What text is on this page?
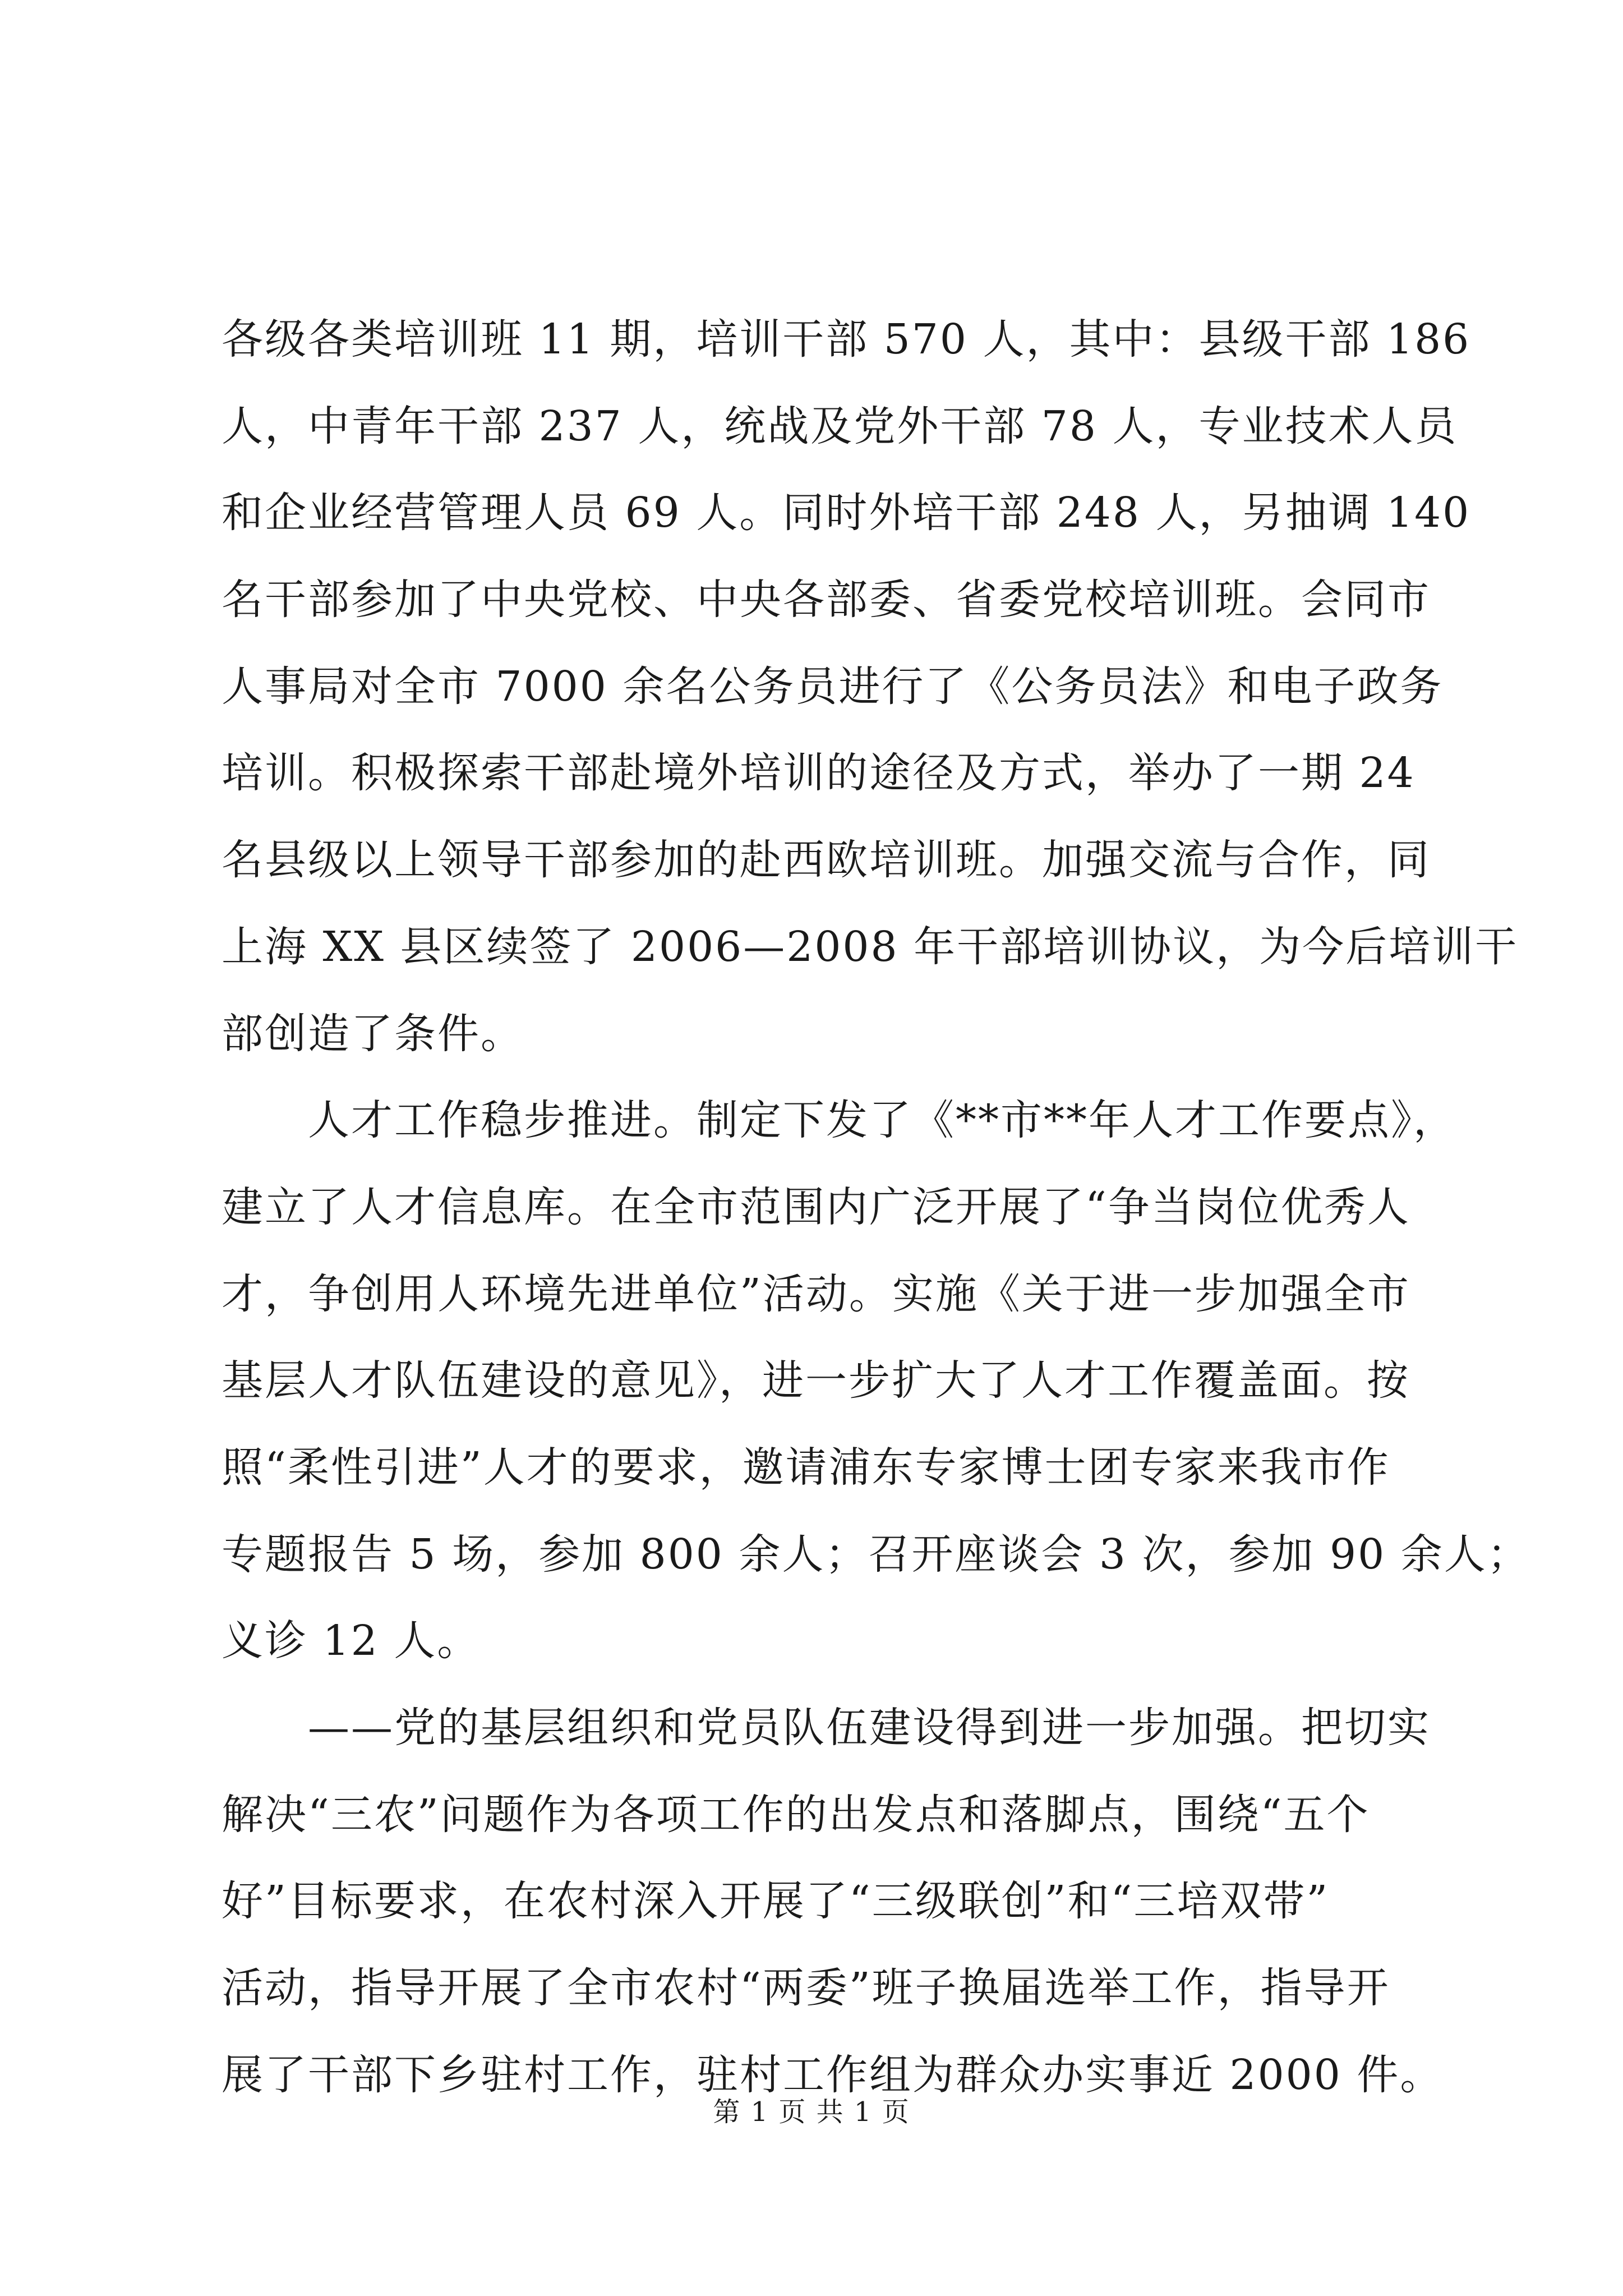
各级各类培训班 11 期，培训干部 570 人，其中：县级干部 186
人，中青年干部 237 人，统战及党外干部 78 人，专业技术人员
和企业经营管理人员 69 人。同时外培干部 248 人，另抽调 140
名干部参加了中央党校、中央各部委、省委党校培训班。会同市
人事局对全市 7000 余名公务员进行了《公务员法》和电子政务
培训。积极探索干部赴境外培训的途径及方式，举办了一期 24
名县级以上领导干部参加的赴西欧培训班。加强交流与合作，同
上海 XX 县区续签了 2006—2008 年干部培训协议，为今后培训干
部创造了条件。
　　人才工作稳步推进。制定下发了《**市**年人才工作要点》，
建立了人才信息库。在全市范围内广泛开展了“争当岗位优秀人
才，争创用人环境先进单位”活动。实施《关于进一步加强全市
基层人才队伍建设的意见》，进一步扩大了人才工作覆盖面。按
照“柔性引进”人才的要求，邀请浦东专家博士团专家来我市作
专题报告 5 场，参加 800 余人；召开座谈会 3 次，参加 90 余人；
义诊 12 人。
　　——党的基层组织和党员队伍建设得到进一步加强。把切实
解决“三农”问题作为各项工作的出发点和落脚点，围绕“五个
好”目标要求，在农村深入开展了“三级联创”和“三培双带”
活动，指导开展了全市农村“两委”班子换届选举工作，指导开
展了干部下乡驻村工作，驻村工作组为群众办实事近 2000 件。
第 1 页 共 1 页
